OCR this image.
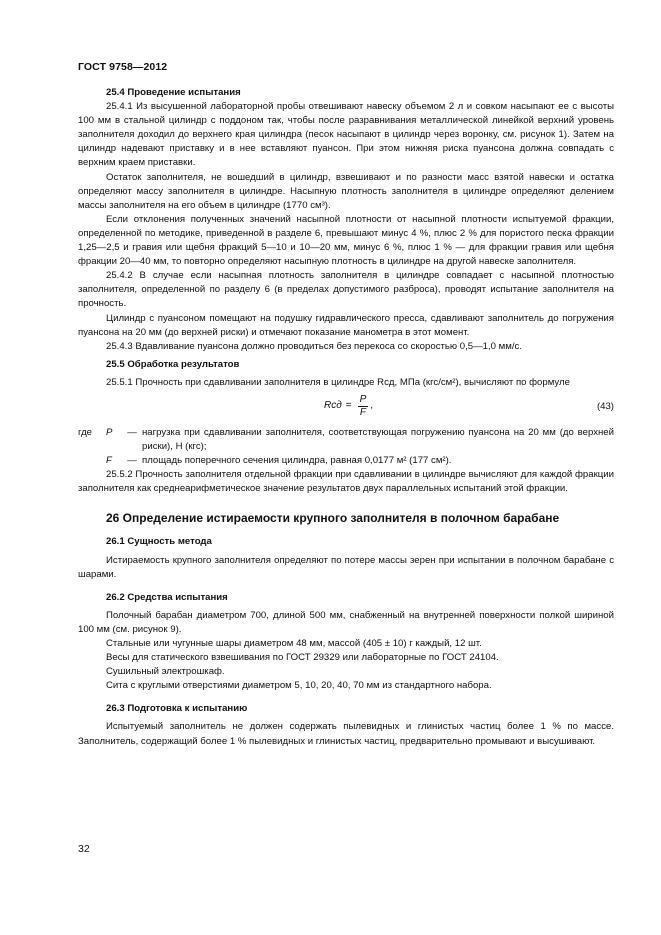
ГОСТ 9758—2012

25.4 Проведение испытания

25.4.1 Из высушенной лабораторной пробы отвешивают навеску объемом 2 л и совком насыпают ее с высоты 100 мм в стальной цилиндр с поддоном так, чтобы после разравнивания металлической линейкой верхний уровень заполнителя доходил до верхнего края цилиндра (песок насыпают в цилиндр через воронку, см. рисунок 1). Затем на цилиндр надевают приставку и в нее вставляют пуансон. При этом нижняя риска пуансона должна совпадать с верхним краем приставки.

Остаток заполнителя, не вошедший в цилиндр, взвешивают и по разности масс взятой навески и остатка определяют массу заполнителя в цилиндре. Насыпную плотность заполнителя в цилиндре определяют делением массы заполнителя на его объем в цилиндре (1770 см³).

Если отклонения полученных значений насыпной плотности от насыпной плотности испытуемой фракции, определенной по методике, приведенной в разделе 6, превышают минус 4 %, плюс 2 % для пористого песка фракции 1,25—2,5 и гравия или щебня фракций 5—10 и 10—20 мм, минус 6 %, плюс 1 % — для фракции гравия или щебня фракции 20—40 мм, то повторно определяют насыпную плотность в цилиндре на другой навеске заполнителя.

25.4.2 В случае если насыпная плотность заполнителя в цилиндре совпадает с насыпной плотностью заполнителя, определенной по разделу 6 (в пределах допустимого разброса), проводят испытание заполнителя на прочность.

Цилиндр с пуансоном помещают на подушку гидравлического пресса, сдавливают заполнитель до погружения пуансона на 20 мм (до верхней риски) и отмечают показание манометра в этот момент.

25.4.3 Вдавливание пуансона должно проводиться без перекоса со скоростью 0,5—1,0 мм/с.

25.5 Обработка результатов

25.5.1 Прочность при сдавливании заполнителя в цилиндре Rсд, МПа (кгс/см²), вычисляют по формуле

Rсд = $\frac{P}{F}$ ,	(43)
где	P	— нагрузка при сдавливании заполнителя, соответствующая погружению пуансона на 20 мм (до верхней риски), Н (кгс);
F	— площадь поперечного сечения цилиндра, равная 0,0177 м² (177 см²).

25.5.2 Прочность заполнителя отдельной фракции при сдавливании в цилиндре вычисляют для каждой фракции заполнителя как среднеарифметическое значение результатов двух параллельных испытаний этой фракции.

26 Определение истираемости крупного заполнителя в полочном барабане

26.1 Сущность метода

Истираемость крупного заполнителя определяют по потере массы зерен при испытании в полочном барабане с шарами.

26.2 Средства испытания

Полочный барабан диаметром 700, длиной 500 мм, снабженный на внутренней поверхности полкой шириной 100 мм (см. рисунок 9).

Стальные или чугунные шары диаметром 48 мм, массой (405 ± 10) г каждый, 12 шт.

Весы для статического взвешивания по ГОСТ 29329 или лабораторные по ГОСТ 24104.

Сушильный электрошкаф.

Сита с круглыми отверстиями диаметром 5, 10, 20, 40, 70 мм из стандартного набора.

26.3 Подготовка к испытанию

Испытуемый заполнитель не должен содержать пылевидных и глинистых частиц более 1 % по массе. Заполнитель, содержащий более 1 % пылевидных и глинистых частиц, предварительно промывают и высушивают.

32
